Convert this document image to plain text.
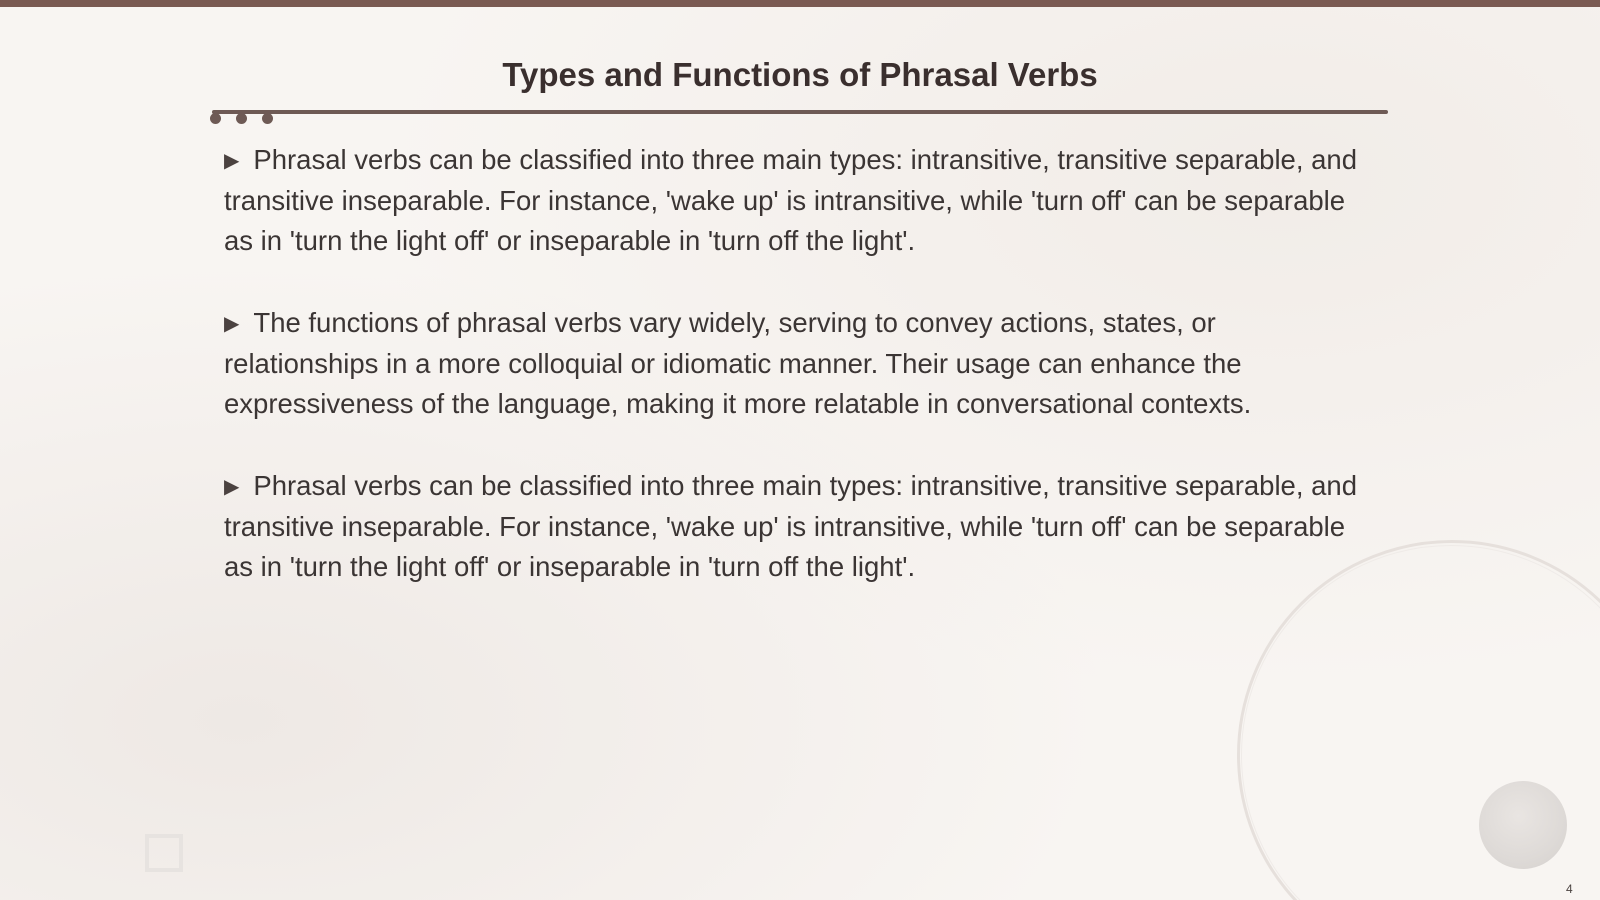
Types and Functions of Phrasal Verbs

▶ Phrasal verbs can be classified into three main types: intransitive, transitive separable, and transitive inseparable. For instance, 'wake up' is intransitive, while 'turn off' can be separable as in 'turn the light off' or inseparable in 'turn off the light'.

▶ The functions of phrasal verbs vary widely, serving to convey actions, states, or relationships in a more colloquial or idiomatic manner. Their usage can enhance the expressiveness of the language, making it more relatable in conversational contexts.

▶ Phrasal verbs can be classified into three main types: intransitive, transitive separable, and transitive inseparable. For instance, 'wake up' is intransitive, while 'turn off' can be separable as in 'turn the light off' or inseparable in 'turn off the light'.

4
